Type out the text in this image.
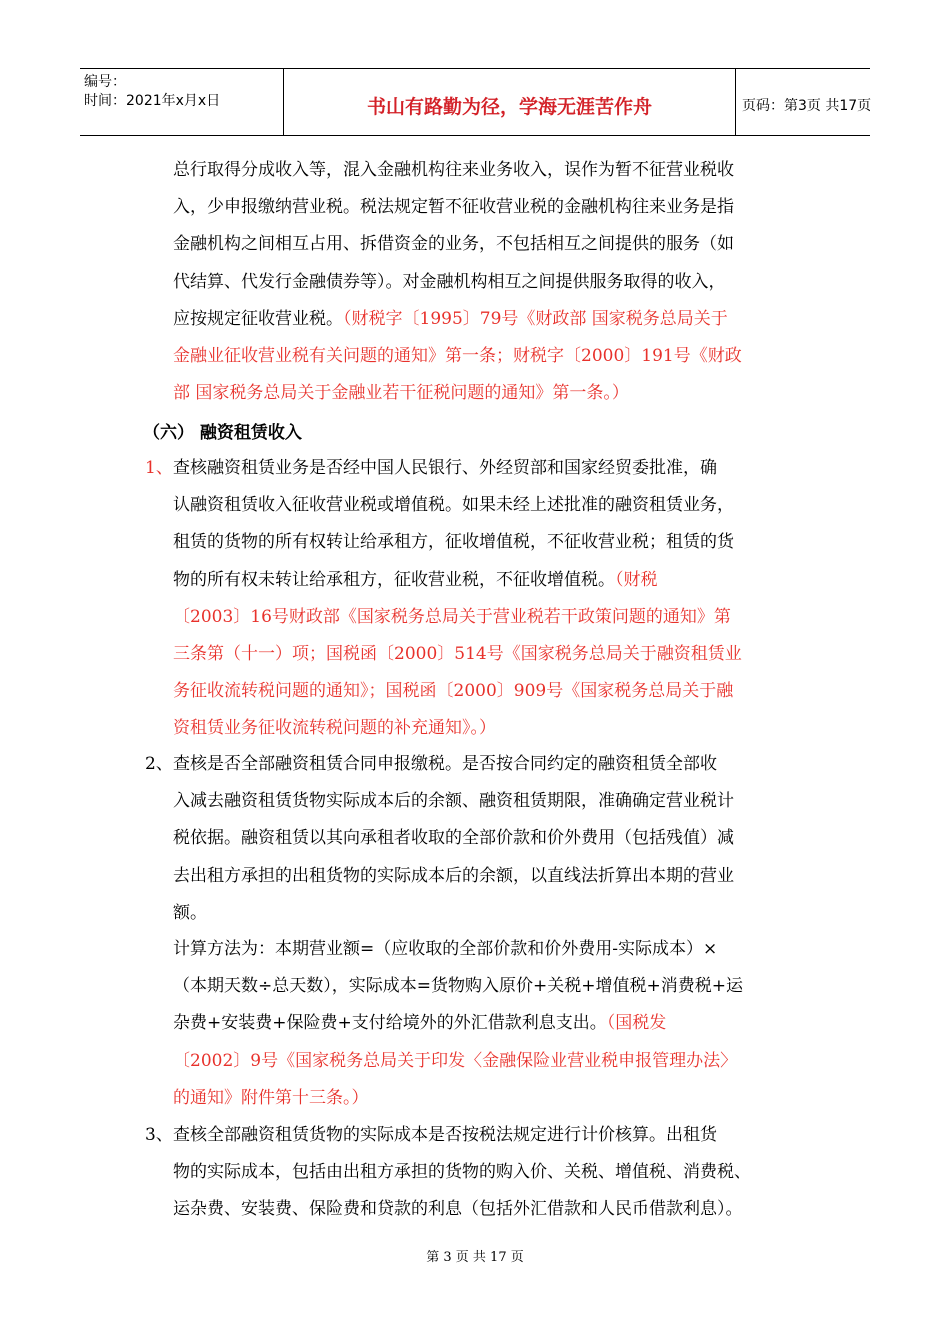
编号：
时间：2021年x月x日	书山有路勤为径，学海无涯苦作舟	页码：第3页 共17页
总行取得分成收入等，混入金融机构往来业务收入，误作为暂不征营业税收
入，少申报缴纳营业税。税法规定暂不征收营业税的金融机构往来业务是指
金融机构之间相互占用、拆借资金的业务，不包括相互之间提供的服务（如
代结算、代发行金融债券等）。对金融机构相互之间提供服务取得的收入，
应按规定征收营业税。（财税字〔1995〕79号《财政部 国家税务总局关于
金融业征收营业税有关问题的通知》第一条；财税字〔2000〕191号《财政
部 国家税务总局关于金融业若干征税问题的通知》第一条。）
（六） 融资租赁收入
1、 查核融资租赁业务是否经中国人民银行、外经贸部和国家经贸委批准，确
认融资租赁收入征收营业税或增值税。如果未经上述批准的融资租赁业务，
租赁的货物的所有权转让给承租方，征收增值税，不征收营业税；租赁的货
物的所有权未转让给承租方，征收营业税，不征收增值税。（财税
〔2003〕16号财政部《国家税务总局关于营业税若干政策问题的通知》第
三条第（十一）项；国税函〔2000〕514号《国家税务总局关于融资租赁业
务征收流转税问题的通知》；国税函〔2000〕909号《国家税务总局关于融
资租赁业务征收流转税问题的补充通知》。）
2、 查核是否全部融资租赁合同申报缴税。是否按合同约定的融资租赁全部收
入减去融资租赁货物实际成本后的余额、融资租赁期限，准确确定营业税计
税依据。融资租赁以其向承租者收取的全部价款和价外费用（包括残值）减
去出租方承担的出租货物的实际成本后的余额，以直线法折算出本期的营业
额。
计算方法为：本期营业额=（应收取的全部价款和价外费用-实际成本）×
（本期天数÷总天数），实际成本=货物购入原价+关税+增值税+消费税+运
杂费+安装费+保险费+支付给境外的外汇借款利息支出。（国税发
〔2002〕9号《国家税务总局关于印发〈金融保险业营业税申报管理办法〉
的通知》附件第十三条。）
3、 查核全部融资租赁货物的实际成本是否按税法规定进行计价核算。出租货
物的实际成本，包括由出租方承担的货物的购入价、关税、增值税、消费税、
运杂费、安装费、保险费和贷款的利息（包括外汇借款和人民币借款利息）。
第 3 页 共 17 页
